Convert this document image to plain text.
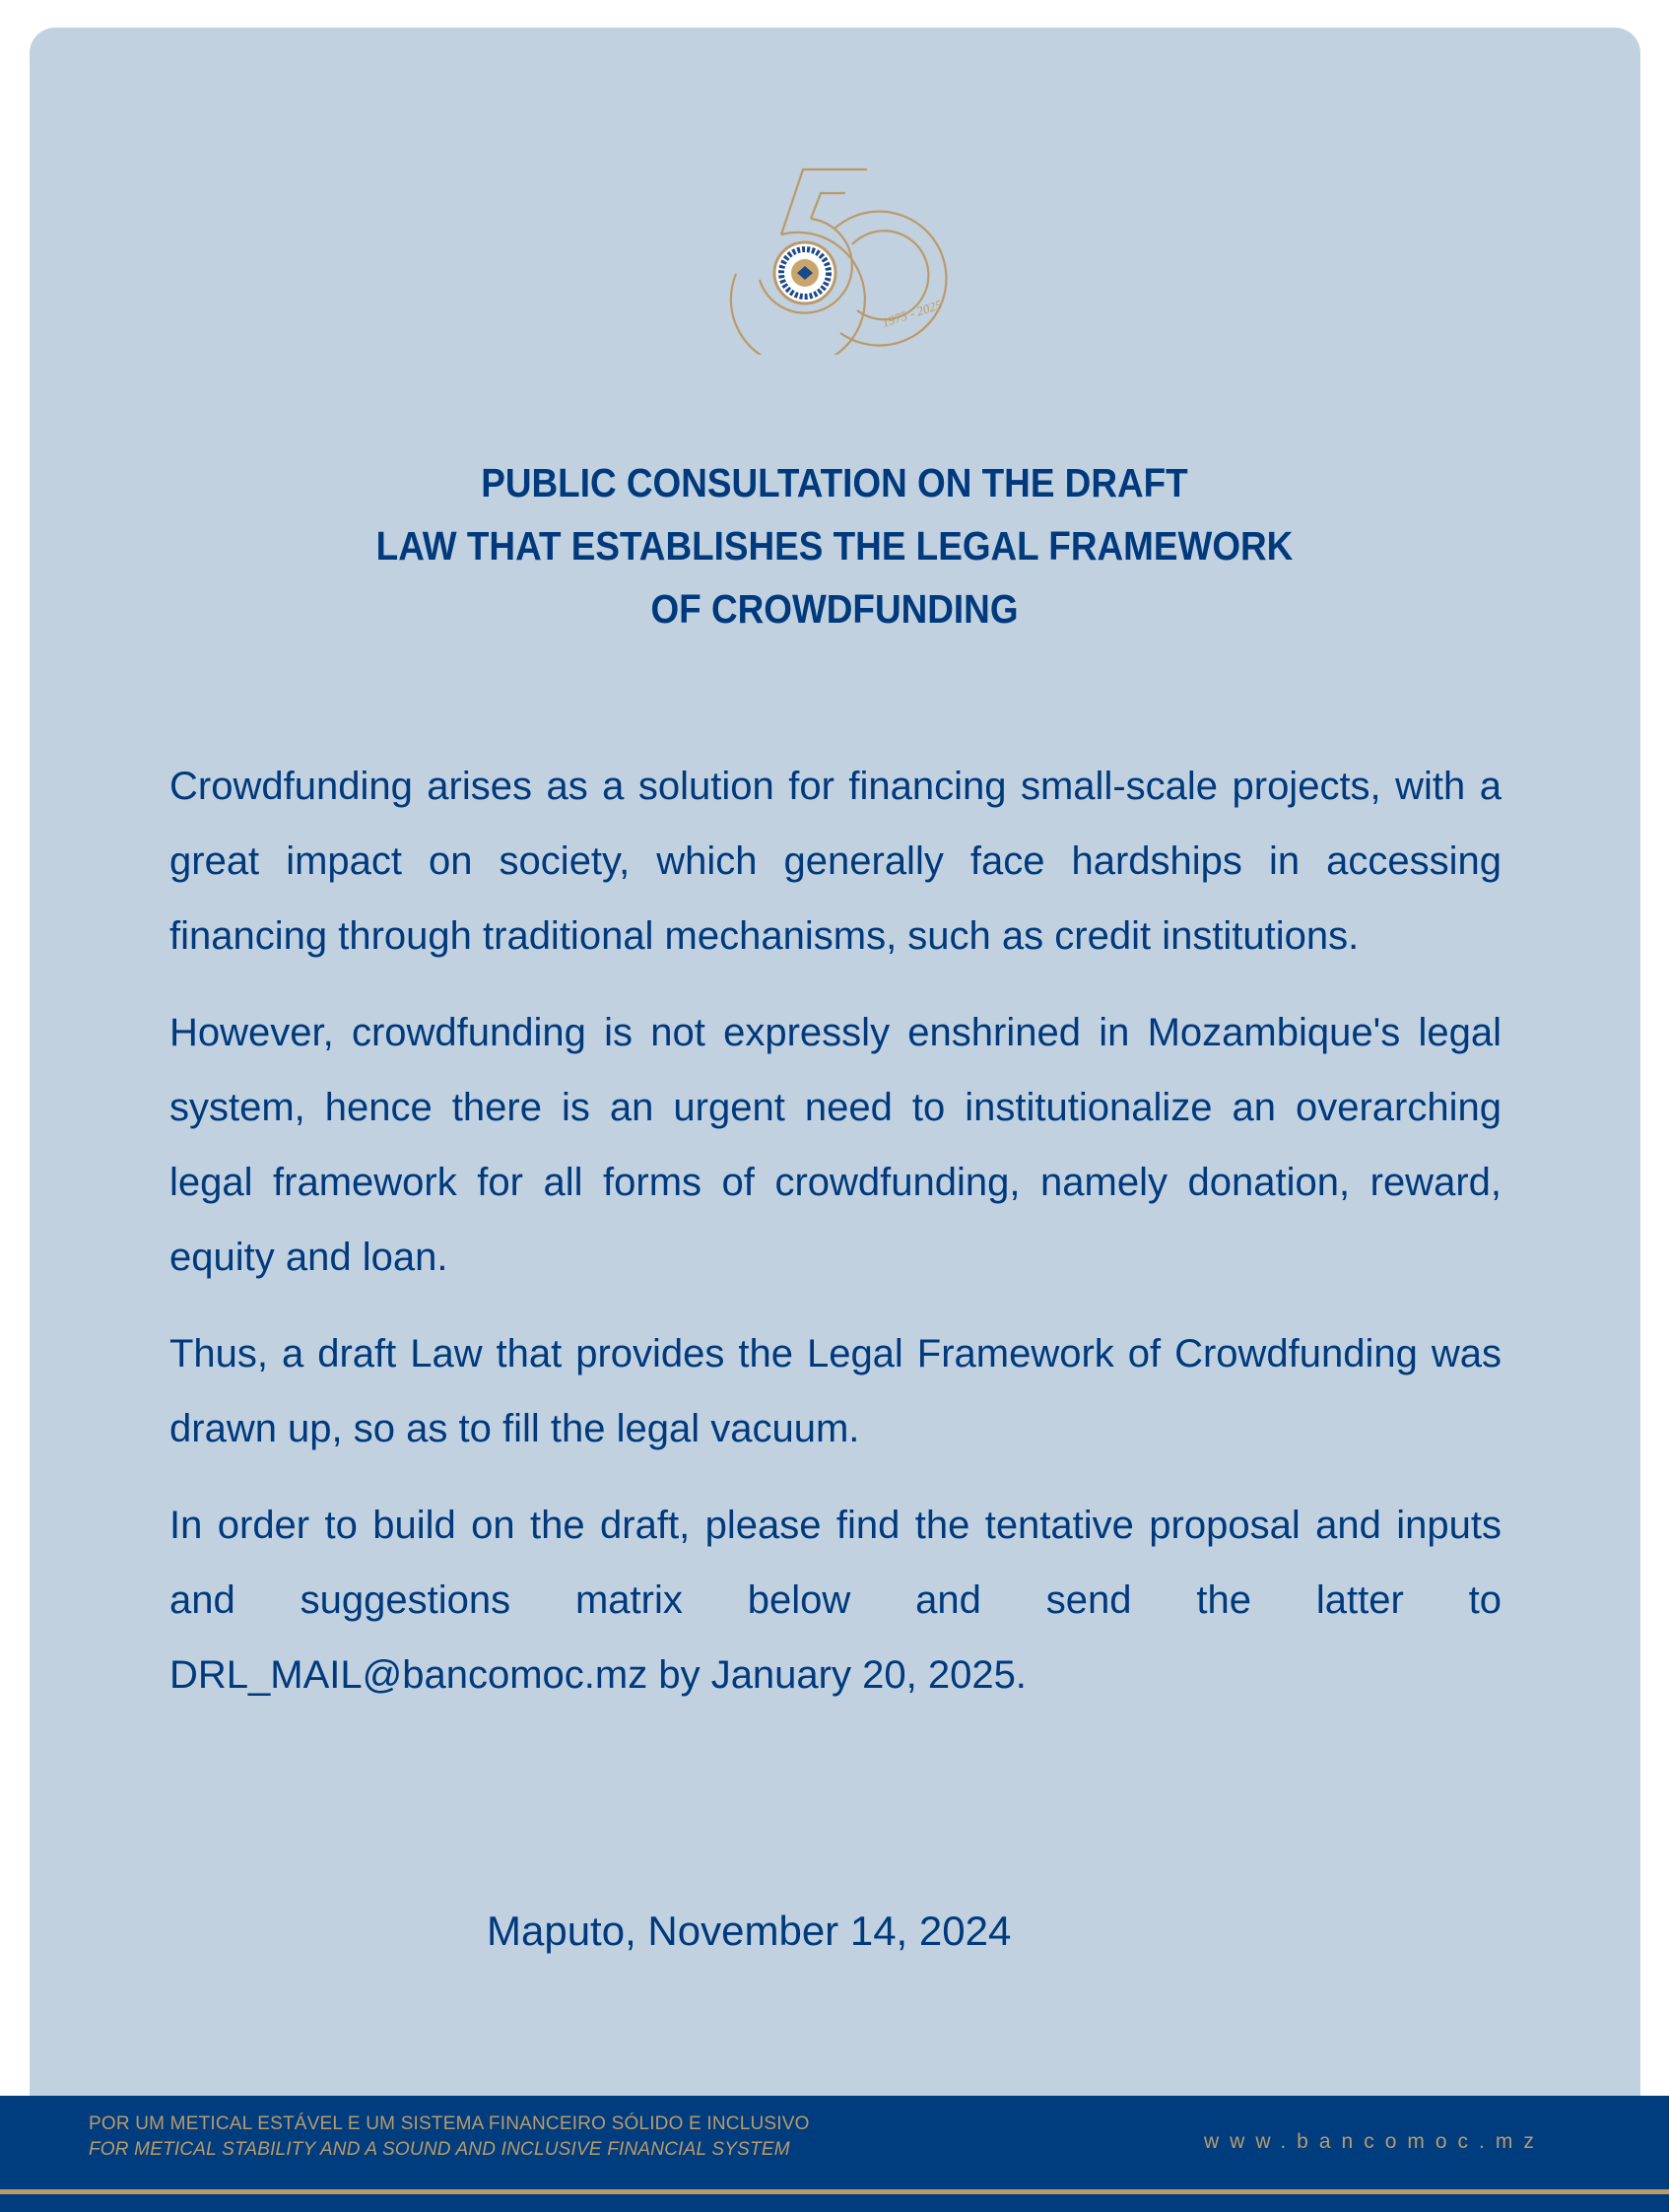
1975 - 2025
PUBLIC CONSULTATION ON THE DRAFT
LAW THAT ESTABLISHES THE LEGAL FRAMEWORK
OF CROWDFUNDING

Crowdfunding arises as a solution for financing small-scale projects, with a great impact on society, which generally face hardships in accessing financing through traditional mechanisms, such as credit institutions.

However, crowdfunding is not expressly enshrined in Mozambique's legal system, hence there is an urgent need to institutionalize an overarching legal framework for all forms of crowdfunding, namely donation, reward, equity and loan.

Thus, a draft Law that provides the Legal Framework of Crowdfunding was drawn up, so as to fill the legal vacuum.

In order to build on the draft, please find the tentative proposal and inputs and suggestions matrix below and send the latter to DRL_MAIL@bancomoc.mz by January 20, 2025.

Maputo, November 14, 2024
POR UM METICAL ESTÁVEL E UM SISTEMA FINANCEIRO SÓLIDO E INCLUSIVO
FOR METICAL STABILITY AND A SOUND AND INCLUSIVE FINANCIAL SYSTEM	www.bancomoc.mz
